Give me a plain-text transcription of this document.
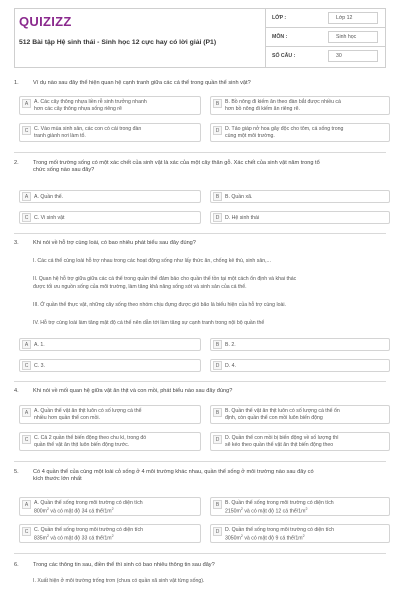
QUIZIZZ
512 Bài tập Hệ sinh thái - Sinh học 12 cực hay có lời giải (P1)
LỚP :	Lớp 12
MÔN :	Sinh học
SỐ CÂU :	30
1.	Ví dụ nào sau đây thể hiện quan hệ cạnh tranh giữa các cá thể trong quần thể sinh vật?
A	A. Các cây thông nhựa liền rễ sinh trưởng nhanh
hơn các cây thông nhựa sống riêng rẽ
B	B. Bồ nông đi kiếm ăn theo đàn bắt được nhiều cá
hơn bồ nông đi kiếm ăn riêng rẽ.
C	C. Vào mùa sinh sản, các con cò cái trong đàn
tranh giành nơi làm tổ.
D	D. Tảo giáp nở hoa gây độc cho tôm, cá sống trong
cùng một môi trường.
2.	Trong mối trường sống có một xác chết của sinh vật là xác của một cây thân gỗ. Xác chết của sinh vật năm trong tổ
chức sống nào sau đây?
A	A. Quần thể.	B	B. Quần xã.
C	C. Vi sinh vật	D	D. Hệ sinh thái
3.	Khi nói về hỗ trợ cùng loài, có bao nhiêu phát biểu sau đây đúng?
I. Các cá thể cùng loài hỗ trợ nhau trong các hoạt động sống như lấy thức ăn, chống kẻ thù, sinh sản,...
II. Quan hệ hỗ trợ giữa giữa các cá thể trong quần thể đảm bảo cho quần thể tồn tại một cách ổn định và khai thác
được tối ưu nguồn sống của môi trường, làm tăng khả năng sống sót và sinh sản của cá thể.
III. Ở quần thể thực vật, những cây sống theo nhóm chịu đựng được gió bão là biểu hiện của hỗ trợ cùng loài.
IV. Hỗ trợ cùng loài làm tăng mật độ cá thể nên dẫn tới làm tăng sự cạnh tranh trong nội bộ quần thể
A	A. 1.	B	B. 2.
C	C. 3.	D	D. 4.
4.	Khi nói về mối quan hệ giữa vật ăn thịt và con mồi, phát biểu nào sau đây đúng?
A	A. Quần thể vật ăn thịt luôn có số lượng cá thể
nhiều hơn quần thể con mồi.
B	B. Quần thể vật ăn thịt luôn có số lượng cá thể ổn
định, còn quần thể con mồi luôn biến động
C	C. Cả 2 quần thể biến động theo chu kì, trong đó
quần thể vật ăn thịt luôn biến động trước.
D	D. Quần thể con mồi bị biến động về số lượng thì
sẽ kéo theo quần thể vật ăn thịt biến động theo
5.	Có 4 quần thể của cùng một loài cỏ sống ở 4 môi trường khác nhau, quần thể sống ở môi trường nào sau đây có
kích thước lớn nhất
A	A. Quần thể sống trong môi trường có diện tích
$800m^2$ và có mật độ 34 cá thể/$1m^2$
B	B. Quần thể sống trong môi trường có diện tích
$2150m^2$ và có mật độ 12 cá thể/$1m^2$
C	C. Quần thể sống trong môi trường có diện tích
$835m^2$ và có mật độ 33 cá thể/$1m^2$
D	D. Quần thể sống trong môi trường có diện tích
$3050m^2$ và có mật độ 9 cá thể/$1m^2$
6.	Trong các thông tin sau, điền thể thì sinh có bao nhiêu thông tin sau đây?
I. Xuất hiện ở môi trường trống trơn (chưa có quần xã sinh vật từng sống).
